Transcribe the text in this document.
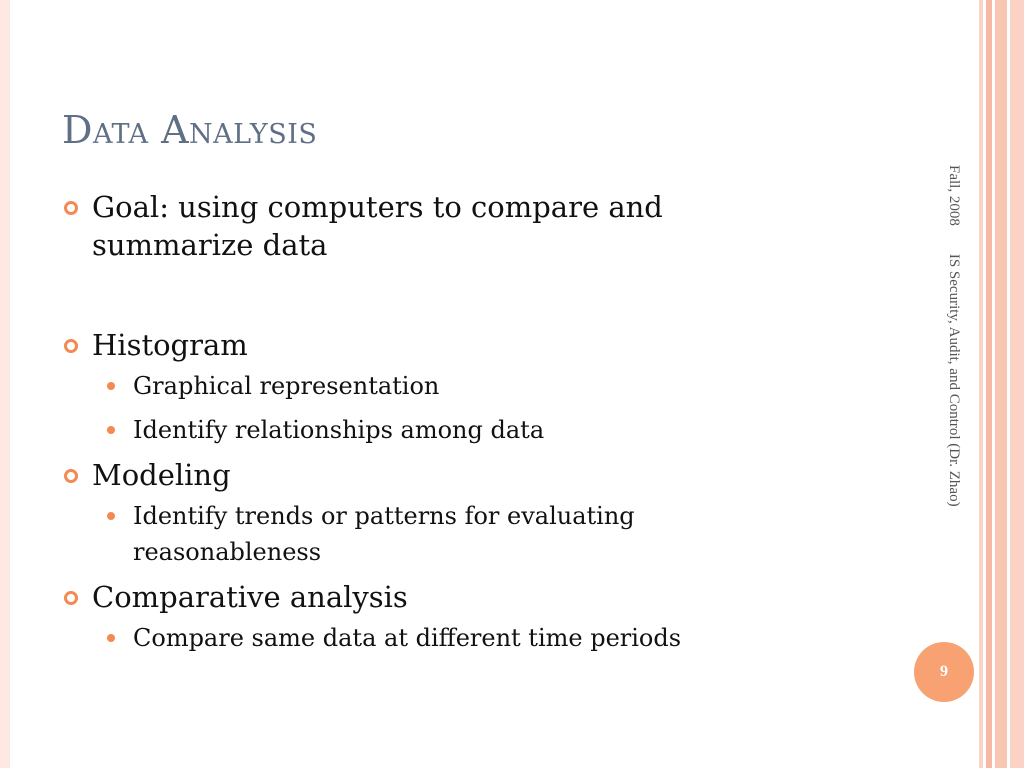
Data Analysis
Goal: using computers to compare and
summarize data
Histogram
Graphical representation
Identify relationships among data
Modeling
Identify trends or patterns for evaluating
reasonableness
Comparative analysis
Compare same data at different time periods
Fall, 2008IS Security, Audit, and Control (Dr. Zhao)
9
